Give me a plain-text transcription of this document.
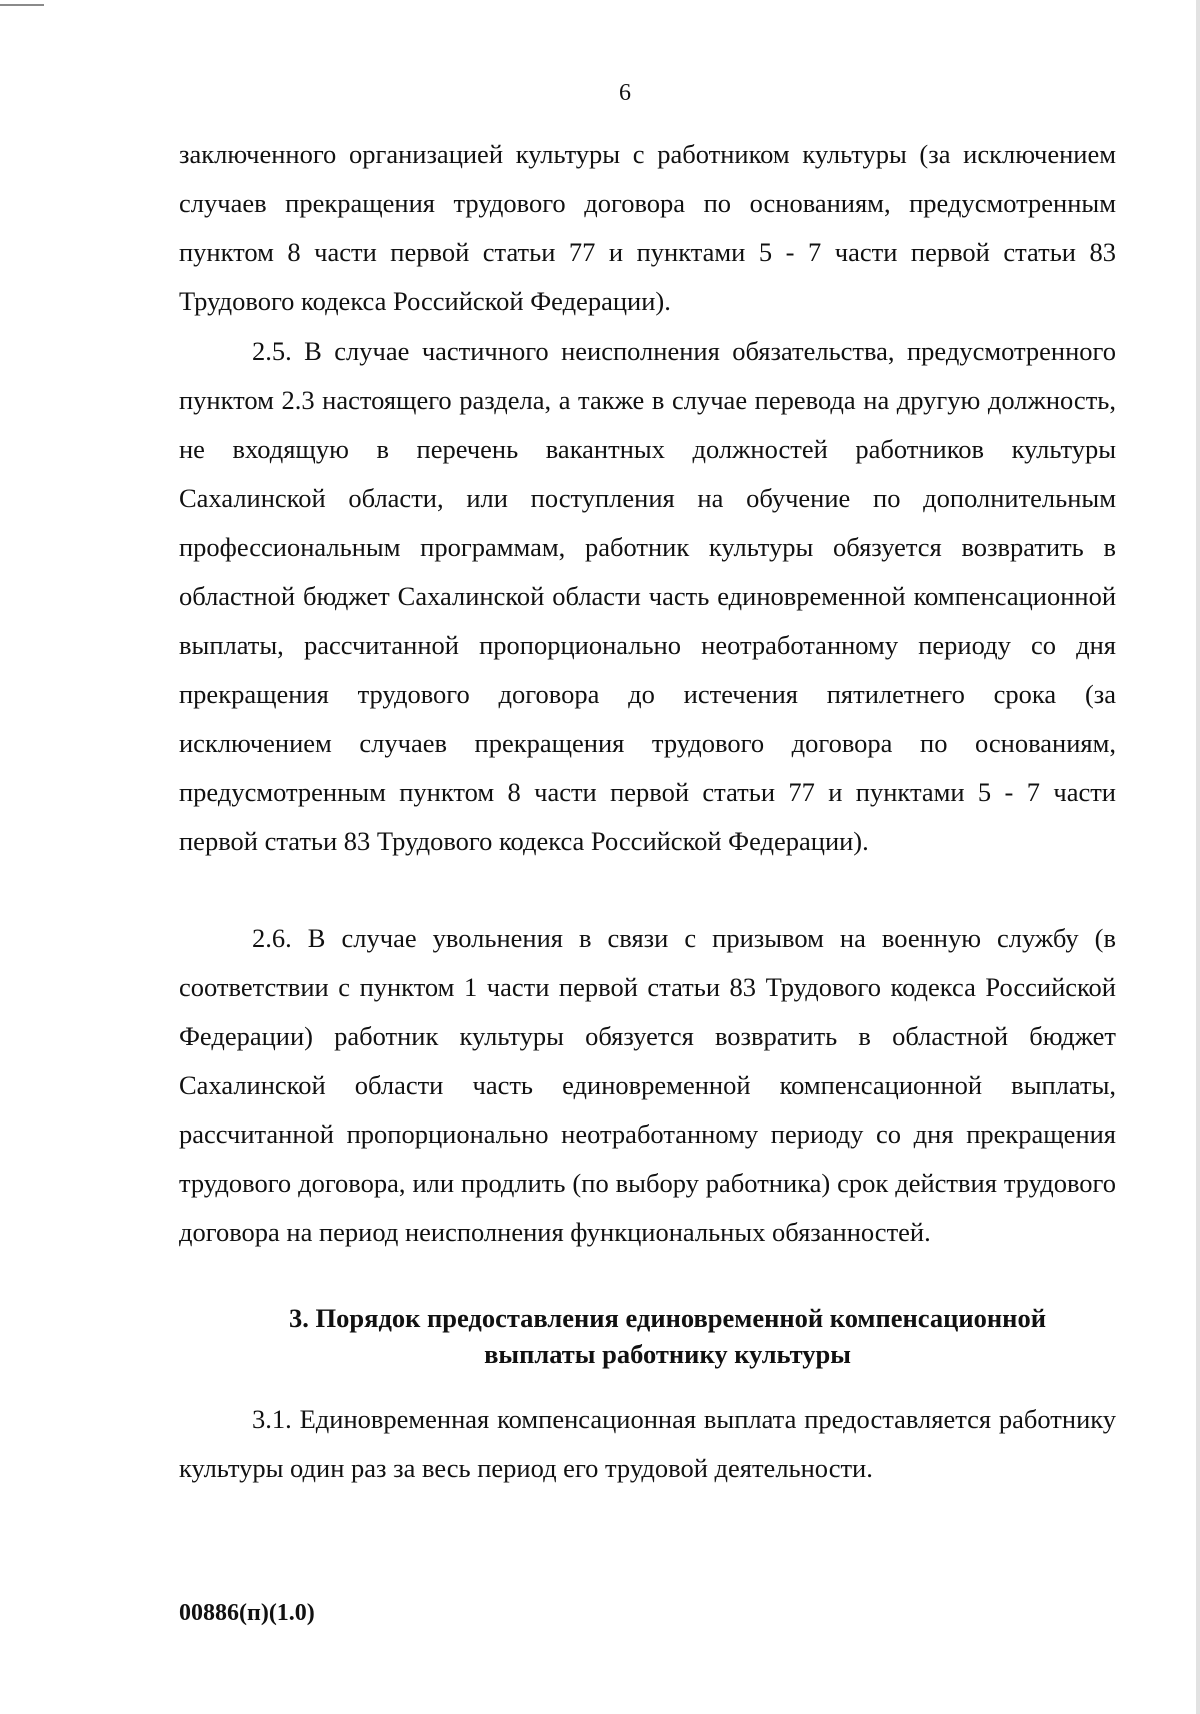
6

заключенного организацией культуры с работником культуры (за исключением случаев прекращения трудового договора по основаниям, предусмотренным пунктом 8 части первой статьи 77 и пунктами 5 - 7 части первой статьи 83 Трудового кодекса Российской Федерации).

2.5. В случае частичного неисполнения обязательства, предусмотренного пунктом 2.3 настоящего раздела, а также в случае перевода на другую должность, не входящую в перечень вакантных должностей работников культуры Сахалинской области, или поступления на обучение по дополнительным профессиональным программам, работник культуры обязуется возвратить в областной бюджет Сахалинской области часть единовременной компенсационной выплаты, рассчитанной пропорционально неотработанному периоду со дня прекращения трудового договора до истечения пятилетнего срока (за исключением случаев прекращения трудового договора по основаниям, предусмотренным пунктом 8 части первой статьи 77 и пунктами 5 - 7 части первой статьи 83 Трудового кодекса Российской Федерации).

2.6. В случае увольнения в связи с призывом на военную службу (в соответствии с пунктом 1 части первой статьи 83 Трудового кодекса Российской Федерации) работник культуры обязуется возвратить в областной бюджет Сахалинской области часть единовременной компенсационной выплаты, рассчитанной пропорционально неотработанному периоду со дня прекращения трудового договора, или продлить (по выбору работника) срок действия трудового договора на период неисполнения функциональных обязанностей.

3. Порядок предоставления единовременной компенсационной
выплаты работнику культуры

3.1. Единовременная компенсационная выплата предоставляется работнику культуры один раз за весь период его трудовой деятельности.

00886(п)(1.0)
